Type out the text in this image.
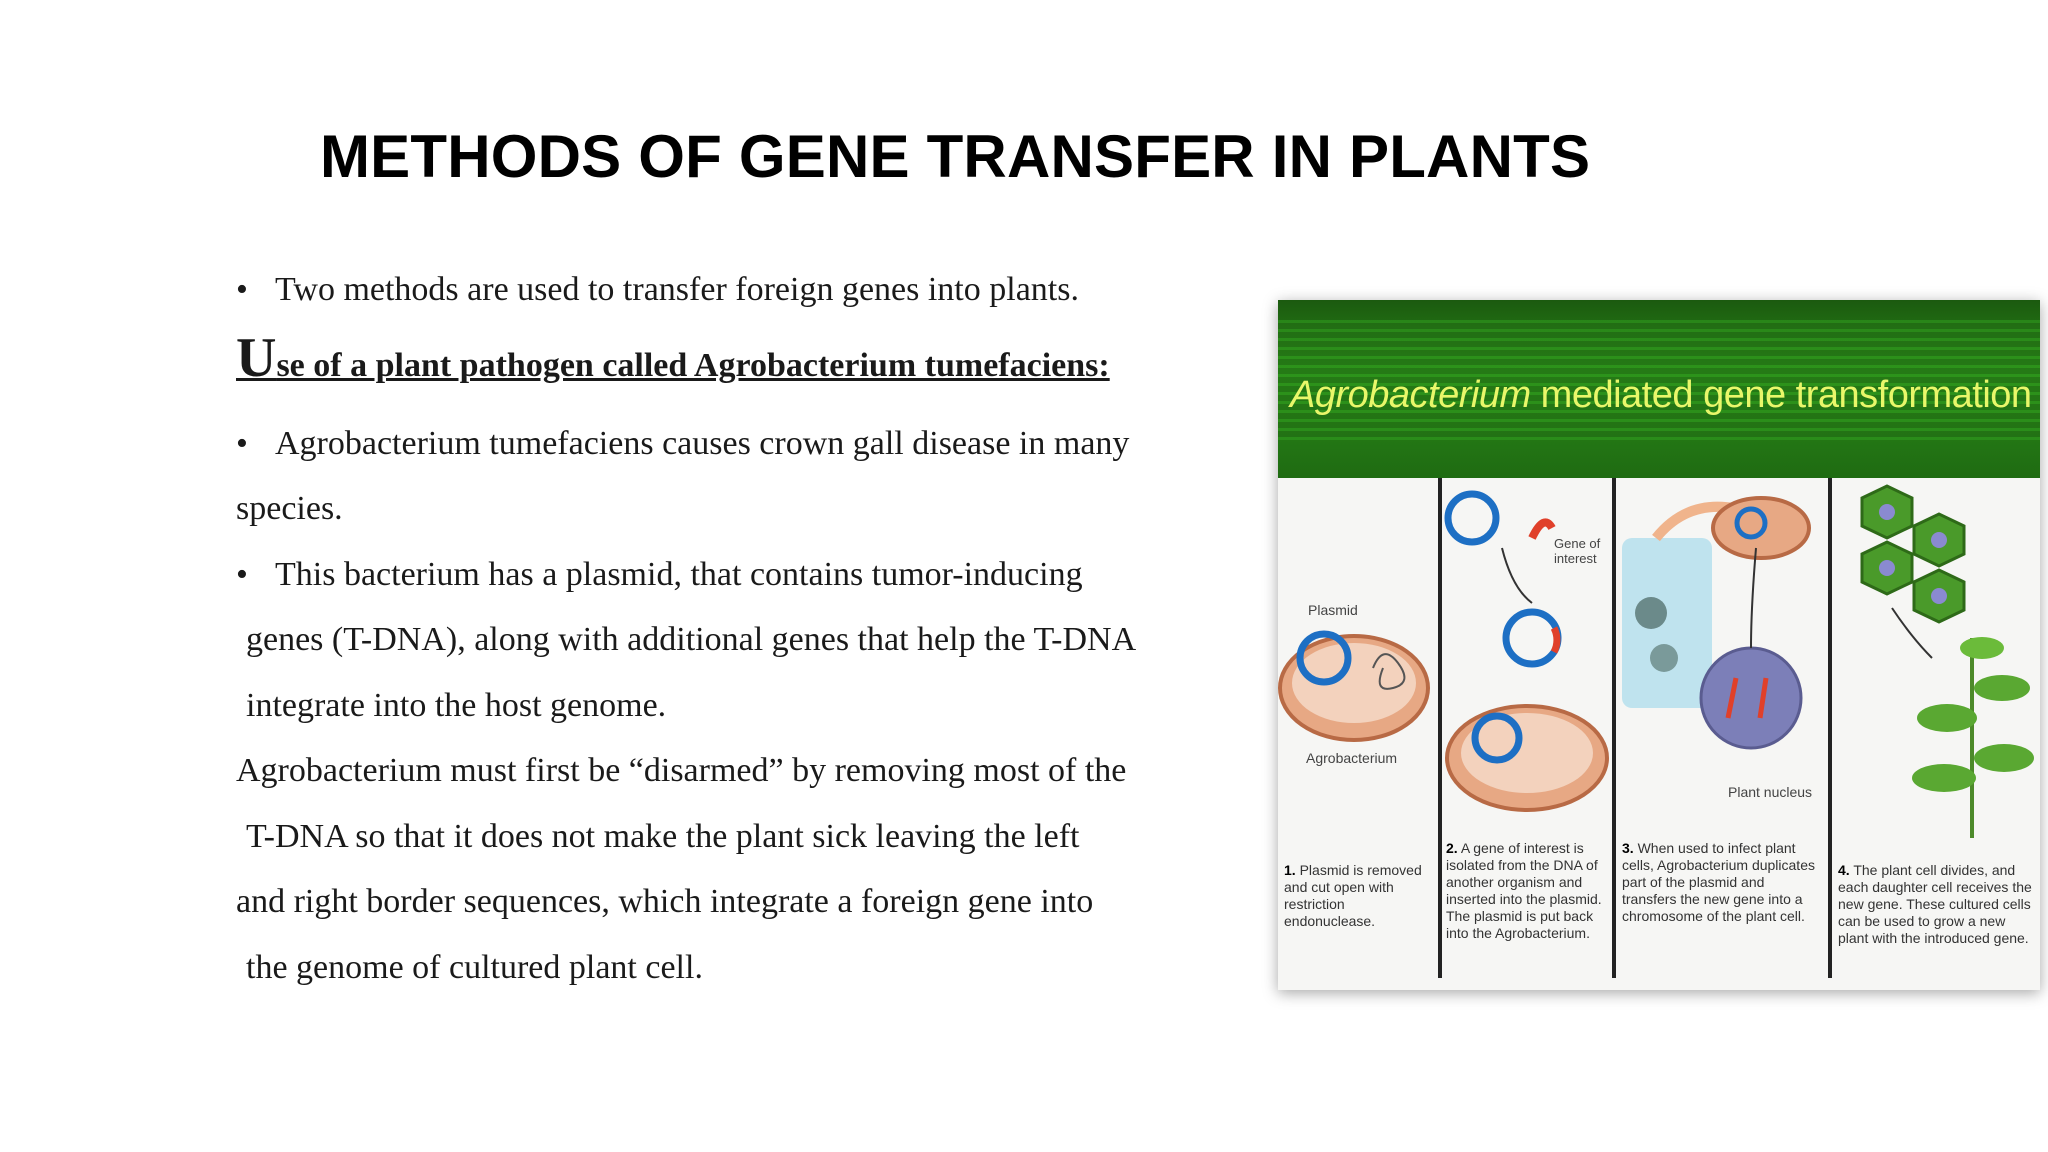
METHODS OF GENE TRANSFER IN PLANTS
• Two methods are used to transfer foreign genes into plants.
Use of a plant pathogen called Agrobacterium tumefaciens:
• Agrobacterium tumefaciens causes crown gall disease in many
species.
• This bacterium has a plasmid, that contains tumor-inducing
genes (T-DNA), along with additional genes that help the T-DNA
integrate into the host genome.
Agrobacterium must first be “disarmed” by removing most of the
T-DNA so that it does not make the plant sick leaving the left
and right border sequences, which integrate a foreign gene into
the genome of cultured plant cell.
Agrobacterium mediated gene transformation
Plasmid
Agrobacterium
1. Plasmid is removed and cut open with restriction endonuclease.
Gene of interest
2. A gene of interest is isolated from the DNA of another organism and inserted into the plasmid. The plasmid is put back into the Agrobacterium.
Plant nucleus
3. When used to infect plant cells, Agrobacterium duplicates part of the plasmid and transfers the new gene into a chromosome of the plant cell.
4. The plant cell divides, and each daughter cell receives the new gene. These cultured cells can be used to grow a new plant with the introduced gene.
